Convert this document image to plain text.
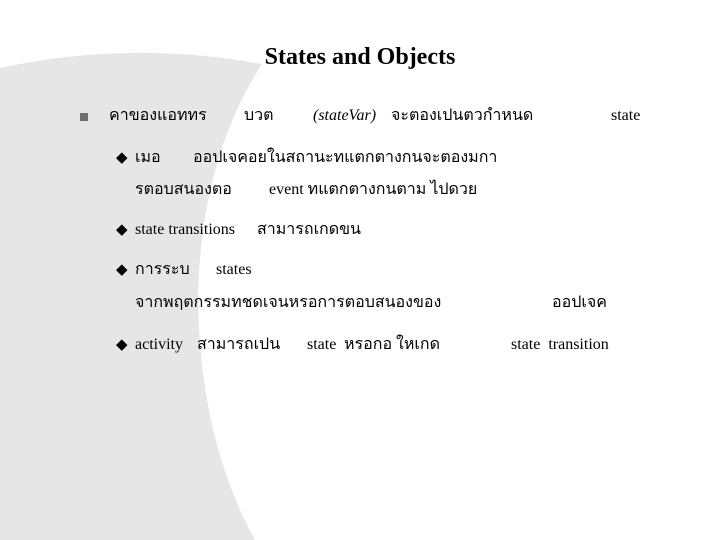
States and Objects
คาของแอททร บวต (stateVar) จะตองเปนตวกำหนด	state
◆ เมอ ออปเจคอยในสถานะทแตกตางกนจะตองมกา
รตอบสนองตอ event ทแตกตางกนตาม ไปดวย
◆ state transitions สามารถเกดขน
◆ การระบ states
จากพฤตกรรมทชดเจนหรอการตอบสนองของ	ออปเจค
◆ activity สามารถเปน state หรอกอ ใหเกด	state  transition
